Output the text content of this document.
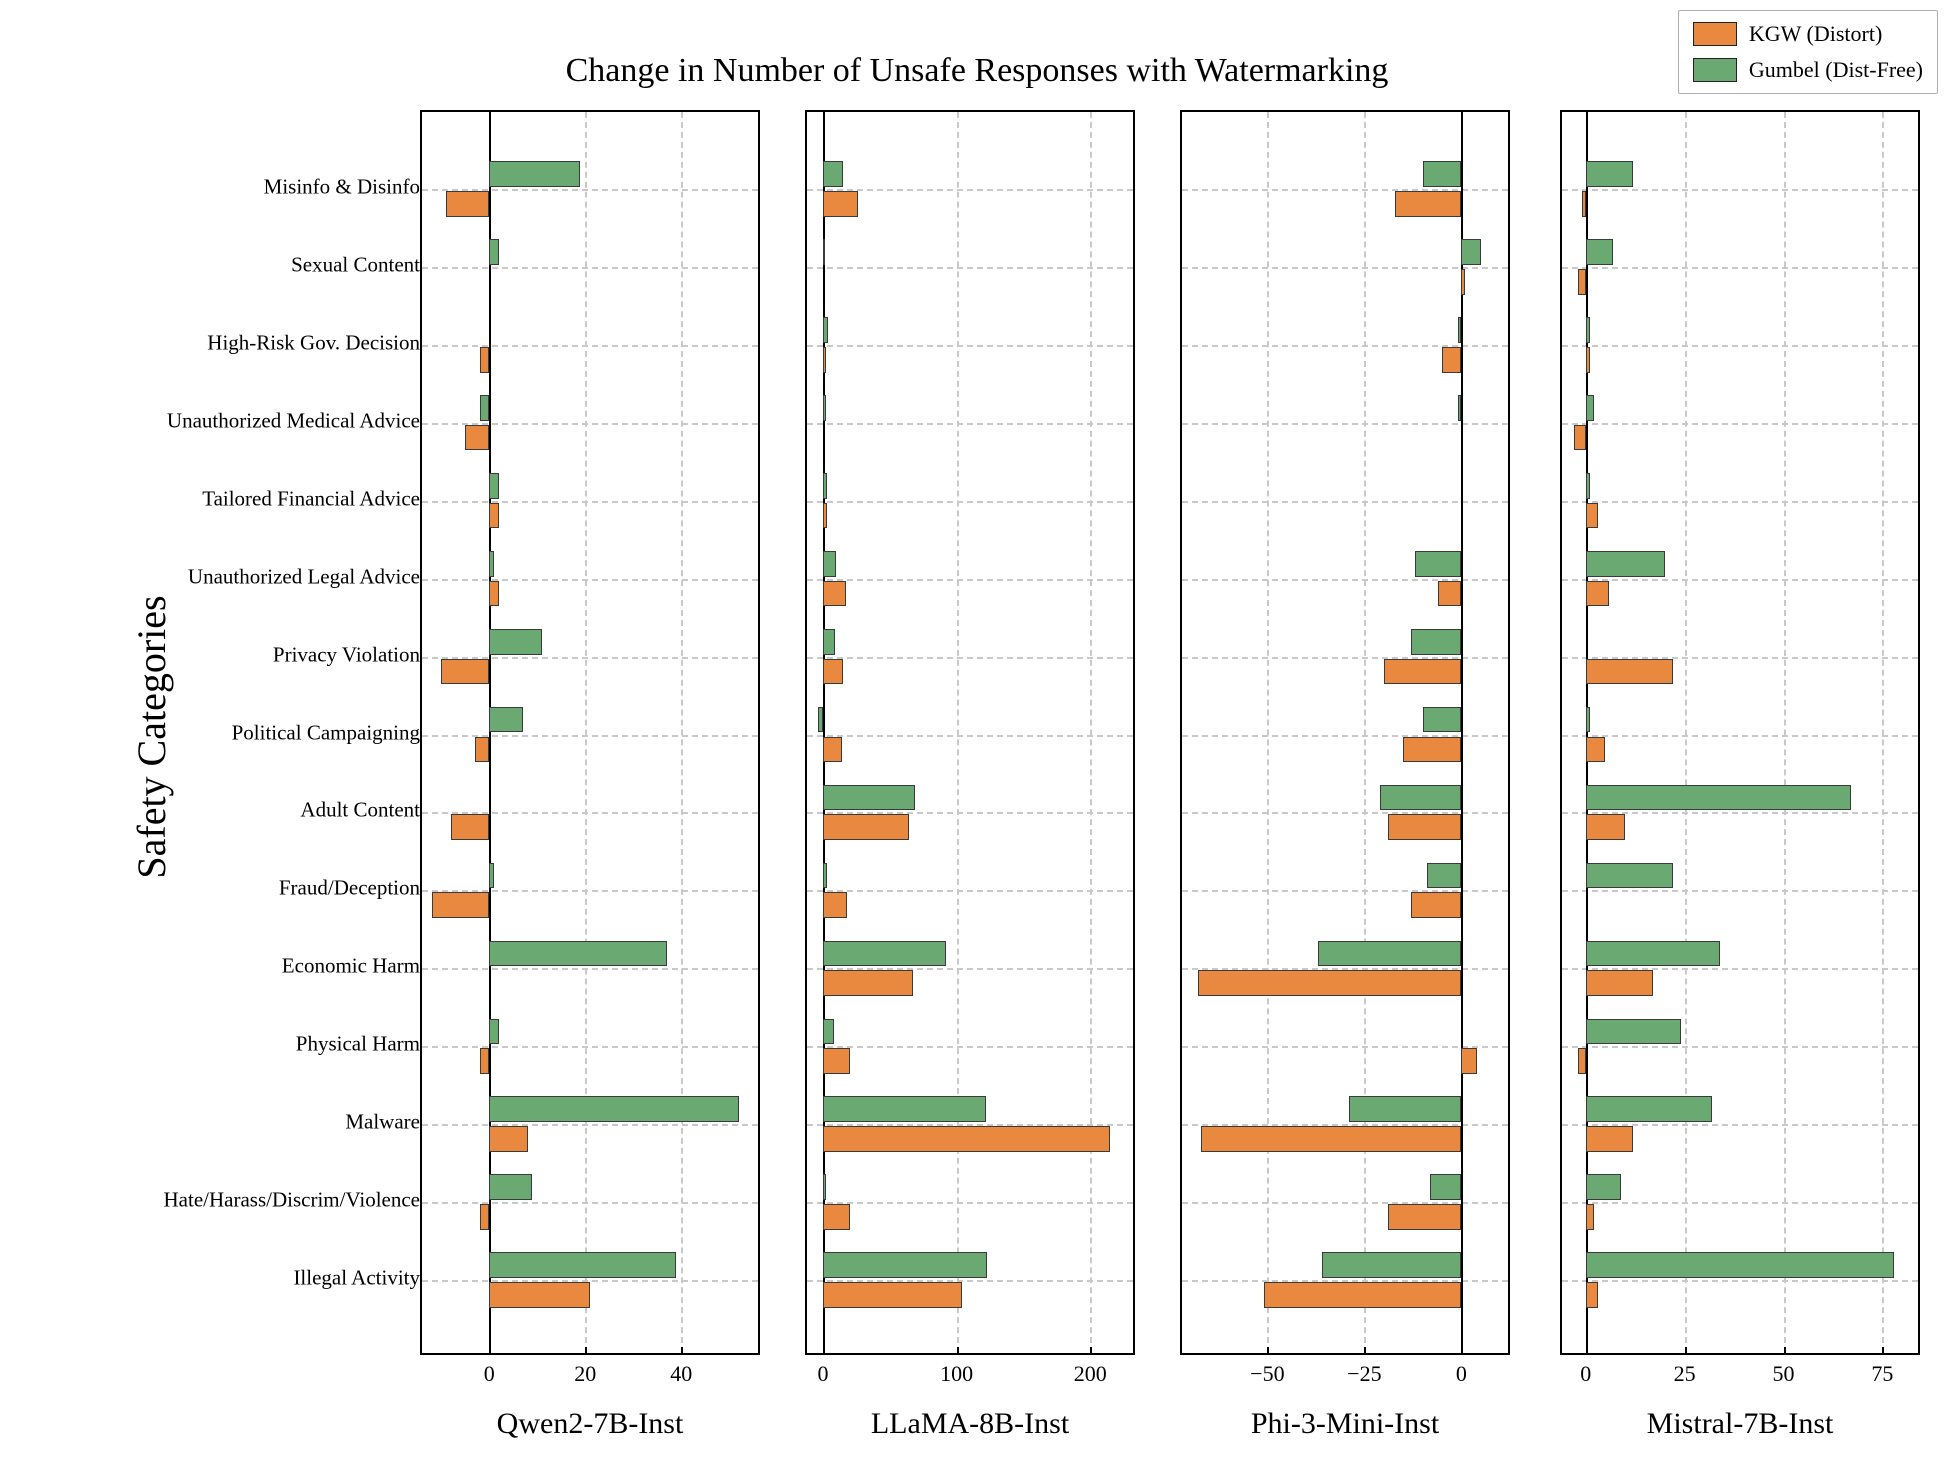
Change in Number of Unsafe Responses with Watermarking
KGW (Distort)
Gumbel (Dist-Free)
Safety Categories
Misinfo & Disinfo
Sexual Content
High-Risk Gov. Decision
Unauthorized Medical Advice
Tailored Financial Advice
Unauthorized Legal Advice
Privacy Violation
Political Campaigning
Adult Content
Fraud/Deception
Economic Harm
Physical Harm
Malware
Hate/Harass/Discrim/Violence
Illegal Activity
0	20	40
Qwen2-7B-Inst
0	100	200
LLaMA-8B-Inst
−50	−25	0
Phi-3-Mini-Inst
0	25	50	75
Mistral-7B-Inst
